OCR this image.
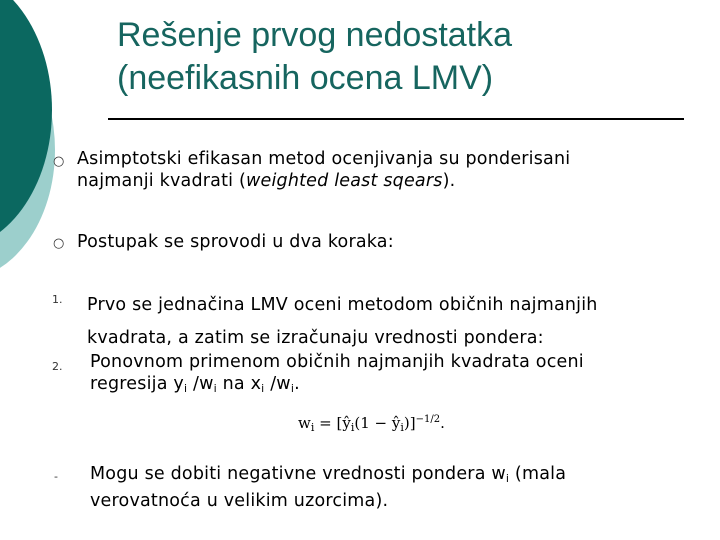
Rešenje prvog nedostatka
(neefikasnih ocena LMV)
○ Asimptotski efikasan metod ocenjivanja su ponderisani
najmanji kvadrati (weighted least sqears).
○ Postupak se sprovodi u dva koraka:
1. Prvo se jednačina LMV oceni metodom običnih najmanjih
kvadrata, a zatim se izračunaju vrednosti pondera:
2. Ponovnom primenom običnih najmanjih kvadrata oceni
regresija $y_i$ $/w_i$ na $x_i$ $/w_i$.
$w_i$ = [$ŷ_i(1$ − $ŷ_i)]^{-1/2}$.
- Mogu se dobiti negativne vrednosti pondera $w_i$ (mala
verovatnoća u velikim uzorcima).
